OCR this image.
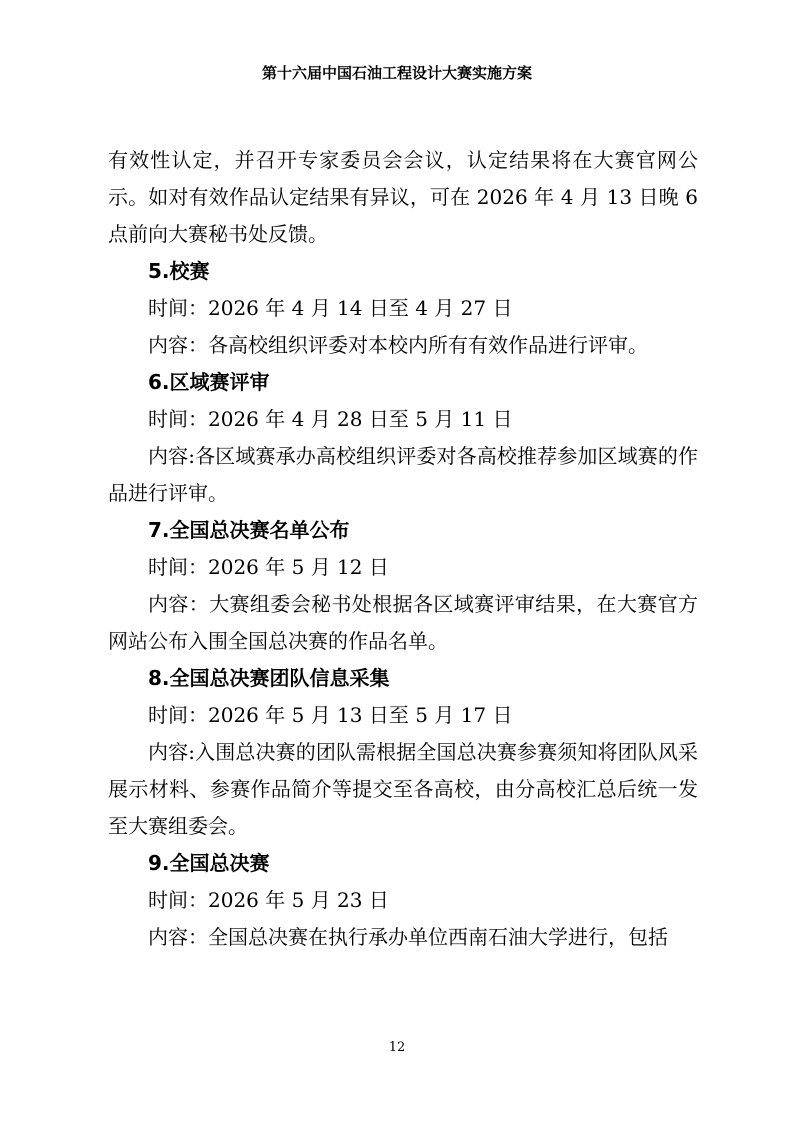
第十六届中国石油工程设计大赛实施方案

有效性认定，并召开专家委员会会议，认定结果将在大赛官网公示。如对有效作品认定结果有异议，可在 2026 年 4 月 13 日晚 6 点前向大赛秘书处反馈。

5.校赛

时间：2026 年 4 月 14 日至 4 月 27 日

内容：各高校组织评委对本校内所有有效作品进行评审。

6.区域赛评审

时间：2026 年 4 月 28 日至 5 月 11 日

内容:各区域赛承办高校组织评委对各高校推荐参加区域赛的作品进行评审。

7.全国总决赛名单公布

时间：2026 年 5 月 12 日

内容：大赛组委会秘书处根据各区域赛评审结果，在大赛官方网站公布入围全国总决赛的作品名单。

8.全国总决赛团队信息采集

时间：2026 年 5 月 13 日至 5 月 17 日

内容:入围总决赛的团队需根据全国总决赛参赛须知将团队风采展示材料、参赛作品简介等提交至各高校，由分高校汇总后统一发至大赛组委会。

9.全国总决赛

时间：2026 年 5 月 23 日

内容：全国总决赛在执行承办单位西南石油大学进行，包括

12
